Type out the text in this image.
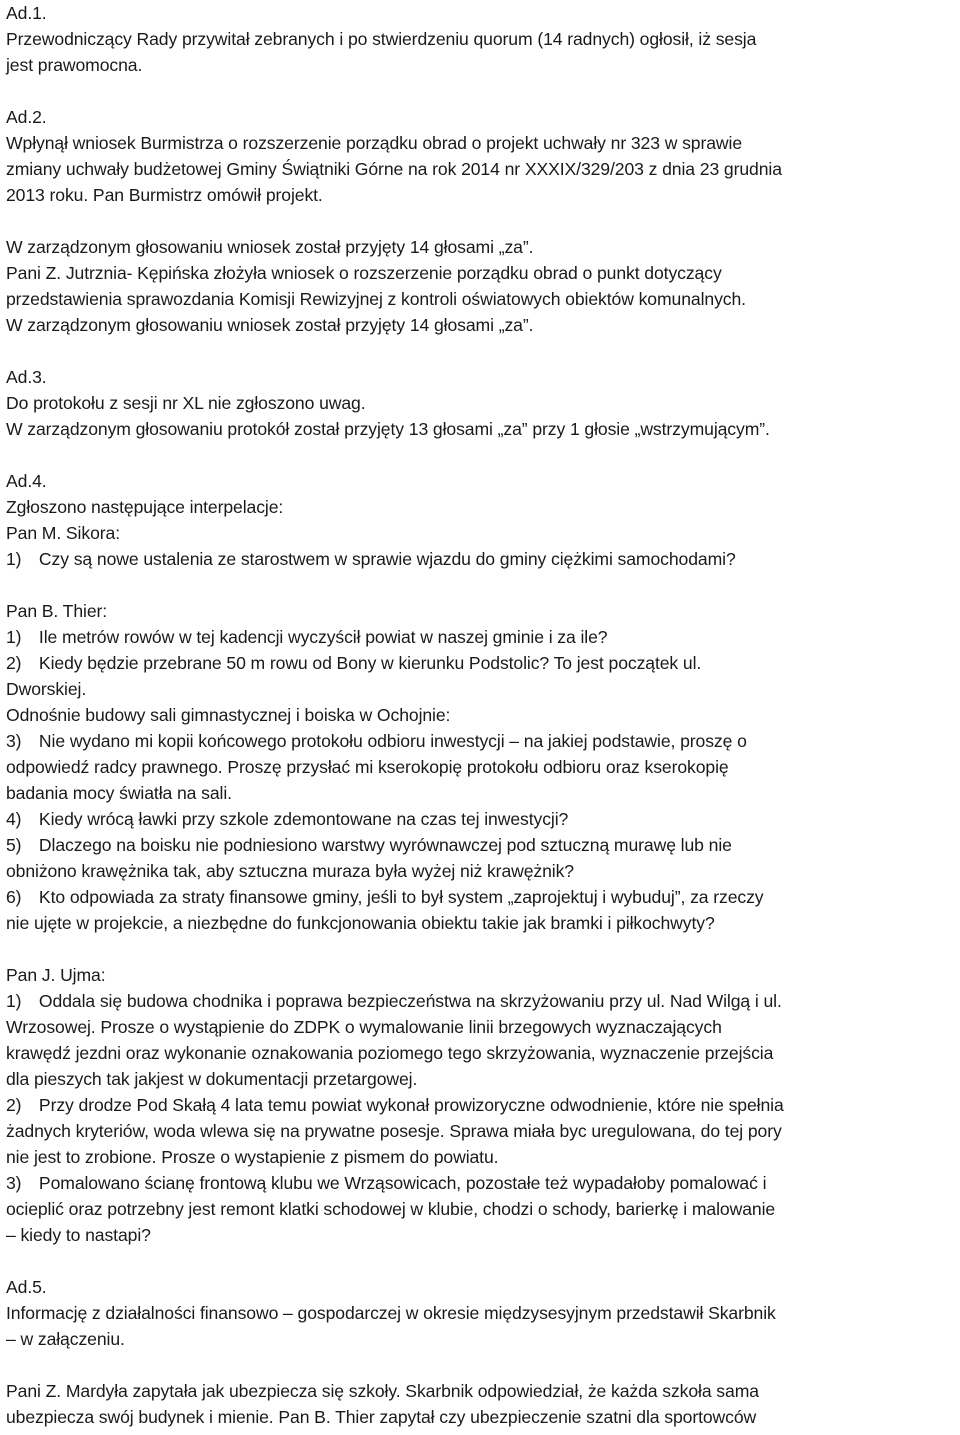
Ad.1.

Przewodniczący Rady przywitał zebranych i po stwierdzeniu quorum (14 radnych) ogłosił, iż sesja

jest prawomocna.

Ad.2.

Wpłynął wniosek Burmistrza o rozszerzenie porządku obrad o projekt uchwały nr 323 w sprawie

zmiany uchwały budżetowej Gminy Świątniki Górne na rok 2014 nr XXXIX/329/203 z dnia 23 grudnia

2013 roku. Pan Burmistrz omówił projekt.

W zarządzonym głosowaniu wniosek został przyjęty 14 głosami „za”.

Pani Z. Jutrznia- Kępińska złożyła wniosek o rozszerzenie porządku obrad o punkt dotyczący

przedstawienia sprawozdania Komisji Rewizyjnej z kontroli oświatowych obiektów komunalnych.

W zarządzonym głosowaniu wniosek został przyjęty 14 głosami „za”.

Ad.3.

Do protokołu z sesji nr XL nie zgłoszono uwag.

W zarządzonym głosowaniu protokół został przyjęty 13 głosami „za” przy 1 głosie „wstrzymującym”.

Ad.4.

Zgłoszono następujące interpelacje:

Pan M. Sikora:

1) Czy są nowe ustalenia ze starostwem w sprawie wjazdu do gminy ciężkimi samochodami?

Pan B. Thier:

1) Ile metrów rowów w tej kadencji wyczyścił powiat w naszej gminie i za ile?

2) Kiedy będzie przebrane 50 m rowu od Bony w kierunku Podstolic? To jest początek ul.

Dworskiej.

Odnośnie budowy sali gimnastycznej i boiska w Ochojnie:

3) Nie wydano mi kopii końcowego protokołu odbioru inwestycji – na jakiej podstawie, proszę o

odpowiedź radcy prawnego. Proszę przysłać mi kserokopię protokołu odbioru oraz kserokopię

badania mocy światła na sali.

4) Kiedy wrócą ławki przy szkole zdemontowane na czas tej inwestycji?

5) Dlaczego na boisku nie podniesiono warstwy wyrównawczej pod sztuczną murawę lub nie

obniżono krawężnika tak, aby sztuczna muraza była wyżej niż krawężnik?

6) Kto odpowiada za straty finansowe gminy, jeśli to był system „zaprojektuj i wybuduj”, za rzeczy

nie ujęte w projekcie, a niezbędne do funkcjonowania obiektu takie jak bramki i piłkochwyty?

Pan J. Ujma:

1) Oddala się budowa chodnika i poprawa bezpieczeństwa na skrzyżowaniu przy ul. Nad Wilgą i ul.

Wrzosowej. Prosze o wystąpienie do ZDPK o wymalowanie linii brzegowych wyznaczających

krawędź jezdni oraz wykonanie oznakowania poziomego tego skrzyżowania, wyznaczenie przejścia

dla pieszych tak jakjest w dokumentacji przetargowej.

2) Przy drodze Pod Skałą 4 lata temu powiat wykonał prowizoryczne odwodnienie, które nie spełnia

żadnych kryteriów, woda wlewa się na prywatne posesje. Sprawa miała byc uregulowana, do tej pory

nie jest to zrobione. Prosze o wystapienie z pismem do powiatu.

3) Pomalowano ścianę frontową klubu we Wrząsowicach, pozostałe też wypadałoby pomalować i

ocieplić oraz potrzebny jest remont klatki schodowej w klubie, chodzi o schody, barierkę i malowanie

– kiedy to nastapi?

Ad.5.

Informację z działalności finansowo – gospodarczej w okresie międzysesyjnym przedstawił Skarbnik

– w załączeniu.

Pani Z. Mardyła zapytała jak ubezpiecza się szkoły. Skarbnik odpowiedział, że każda szkoła sama

ubezpiecza swój budynek i mienie. Pan B. Thier zapytał czy ubezpieczenie szatni dla sportowców
